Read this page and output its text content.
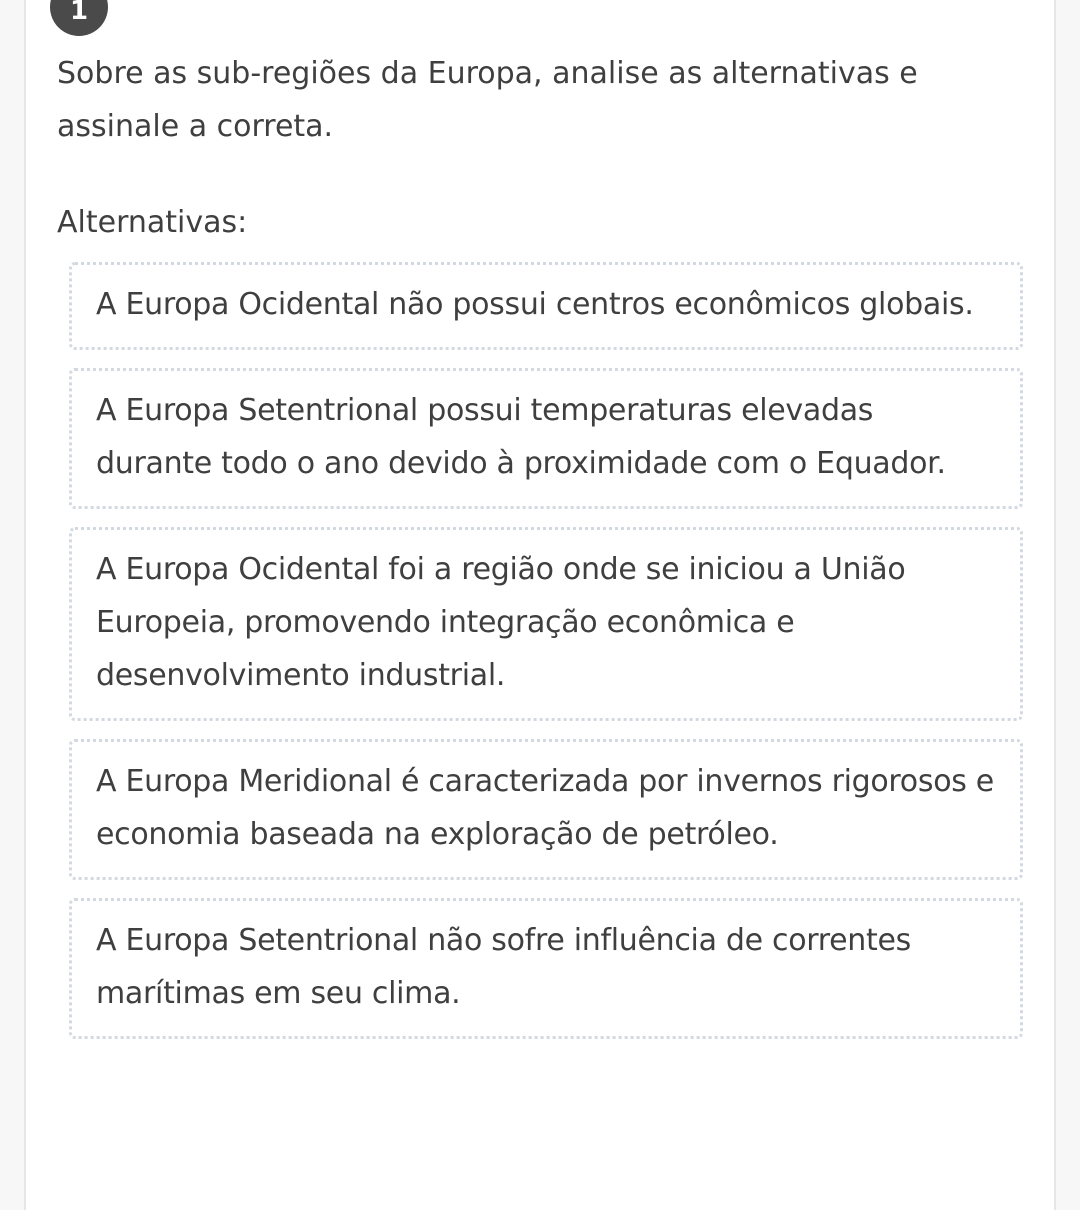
1

Sobre as sub-regiões da Europa, analise as alternativas e assinale a correta.

Alternativas:

A Europa Ocidental não possui centros econômicos globais.
A Europa Setentrional possui temperaturas elevadas durante todo o ano devido à proximidade com o Equador.
A Europa Ocidental foi a região onde se iniciou a União Europeia, promovendo integração econômica e desenvolvimento industrial.
A Europa Meridional é caracterizada por invernos rigorosos e economia baseada na exploração de petróleo.
A Europa Setentrional não sofre influência de correntes marítimas em seu clima.
